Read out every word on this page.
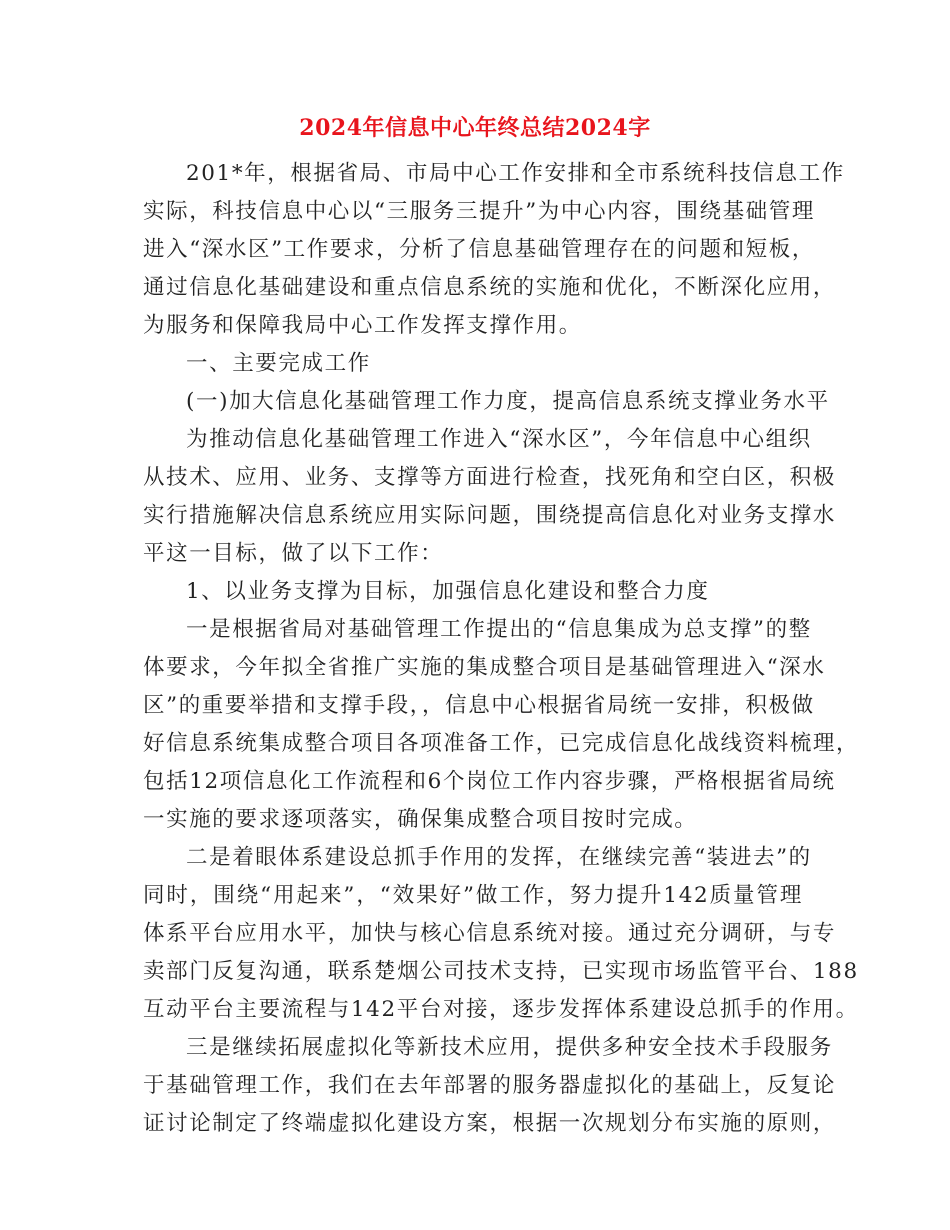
2024年信息中心年终总结2024字
201*年，根据省局、市局中心工作安排和全市系统科技信息工作
实际，科技信息中心以“三服务三提升”为中心内容，围绕基础管理
进入“深水区”工作要求，分析了信息基础管理存在的问题和短板，
通过信息化基础建设和重点信息系统的实施和优化，不断深化应用，
为服务和保障我局中心工作发挥支撑作用。
一、主要完成工作
(一)加大信息化基础管理工作力度，提高信息系统支撑业务水平
为推动信息化基础管理工作进入“深水区”，今年信息中心组织
从技术、应用、业务、支撑等方面进行检查，找死角和空白区，积极
实行措施解决信息系统应用实际问题，围绕提高信息化对业务支撑水
平这一目标，做了以下工作：
1、以业务支撑为目标，加强信息化建设和整合力度
一是根据省局对基础管理工作提出的“信息集成为总支撑”的整
体要求，今年拟全省推广实施的集成整合项目是基础管理进入“深水
区”的重要举措和支撑手段，，信息中心根据省局统一安排，积极做
好信息系统集成整合项目各项准备工作，已完成信息化战线资料梳理，
包括12项信息化工作流程和6个岗位工作内容步骤，严格根据省局统
一实施的要求逐项落实，确保集成整合项目按时完成。
二是着眼体系建设总抓手作用的发挥，在继续完善“装进去”的
同时，围绕“用起来”，“效果好”做工作，努力提升142质量管理
体系平台应用水平，加快与核心信息系统对接。通过充分调研，与专
卖部门反复沟通，联系楚烟公司技术支持，已实现市场监管平台、188
互动平台主要流程与142平台对接，逐步发挥体系建设总抓手的作用。
三是继续拓展虚拟化等新技术应用，提供多种安全技术手段服务
于基础管理工作，我们在去年部署的服务器虚拟化的基础上，反复论
证讨论制定了终端虚拟化建设方案，根据一次规划分布实施的原则，
